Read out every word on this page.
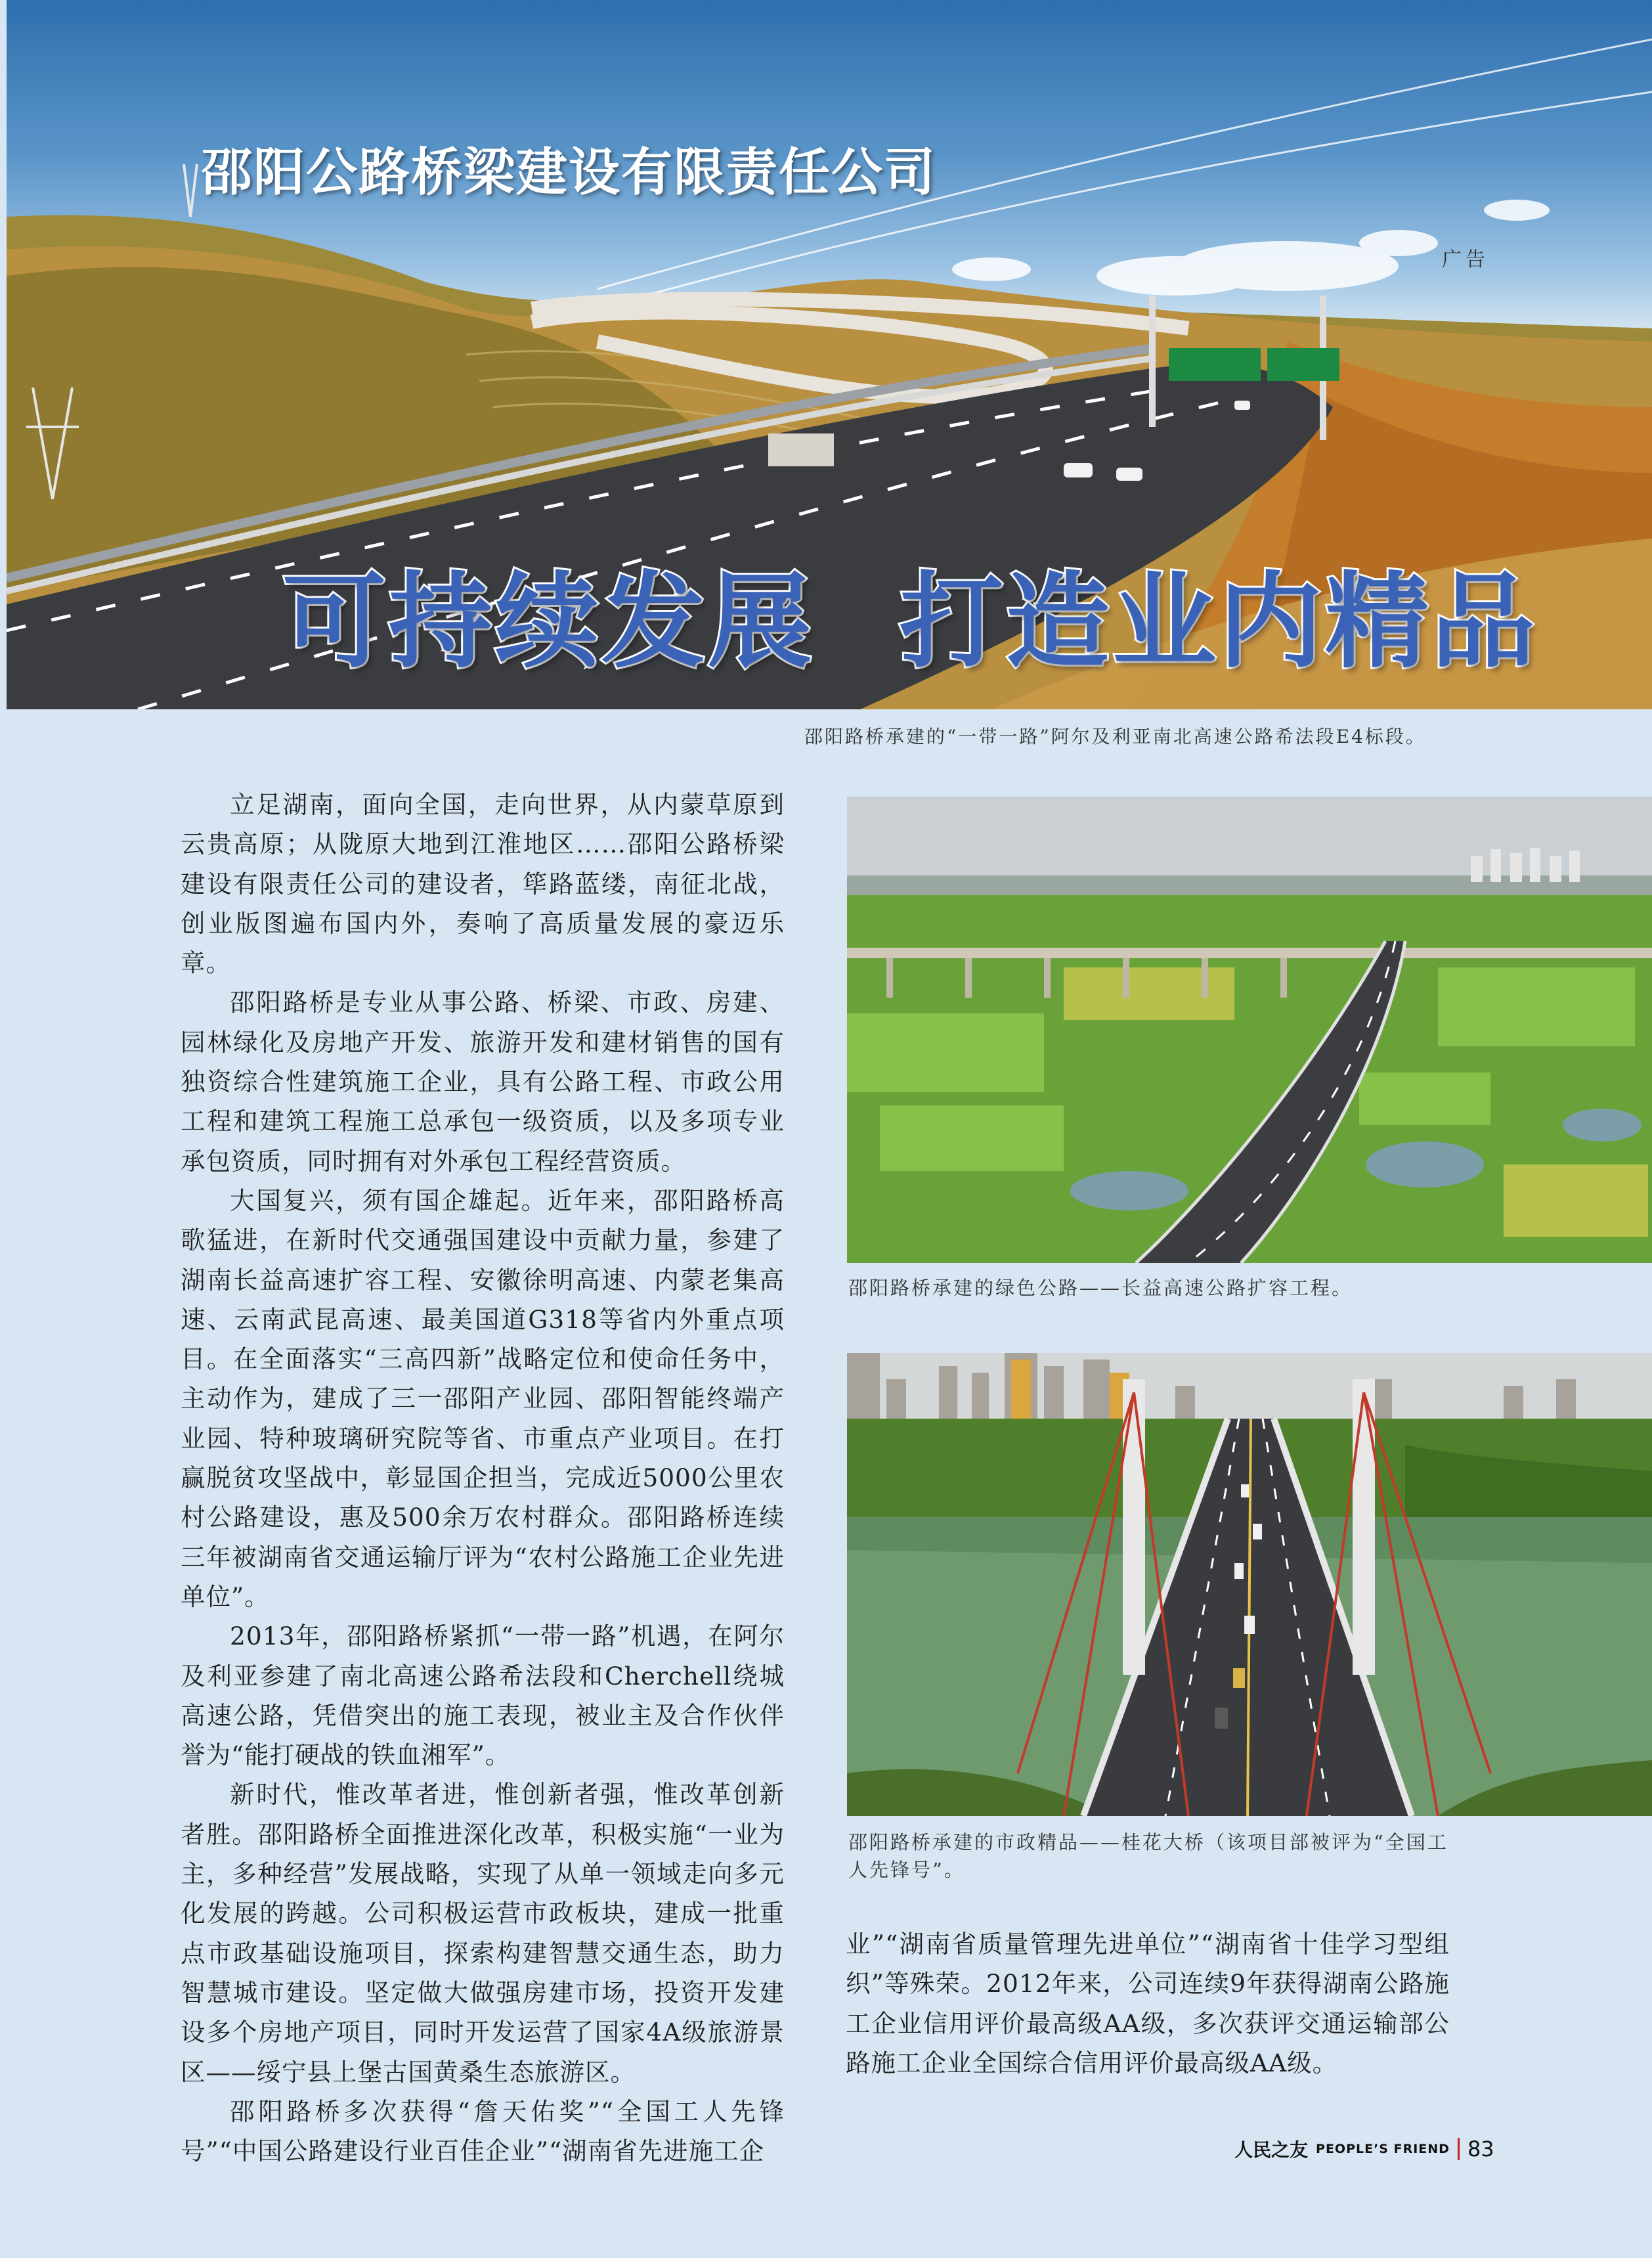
邵阳公路桥梁建设有限责任公司
广告
可持续发展 打造业内精品
邵阳路桥承建的“一带一路”阿尔及利亚南北高速公路希法段E4标段。

立足湖南，面向全国，走向世界，从内蒙草原到云贵高原；从陇原大地到江淮地区……邵阳公路桥梁建设有限责任公司的建设者，筚路蓝缕，南征北战，创业版图遍布国内外，奏响了高质量发展的豪迈乐章。

邵阳路桥是专业从事公路、桥梁、市政、房建、园林绿化及房地产开发、旅游开发和建材销售的国有独资综合性建筑施工企业，具有公路工程、市政公用工程和建筑工程施工总承包一级资质，以及多项专业承包资质，同时拥有对外承包工程经营资质。

大国复兴，须有国企雄起。近年来，邵阳路桥高歌猛进，在新时代交通强国建设中贡献力量，参建了湖南长益高速扩容工程、安徽徐明高速、内蒙老集高速、云南武昆高速、最美国道G318等省内外重点项目。在全面落实“三高四新”战略定位和使命任务中，主动作为，建成了三一邵阳产业园、邵阳智能终端产业园、特种玻璃研究院等省、市重点产业项目。在打赢脱贫攻坚战中，彰显国企担当，完成近5000公里农村公路建设，惠及500余万农村群众。邵阳路桥连续三年被湖南省交通运输厅评为“农村公路施工企业先进单位”。

2013年，邵阳路桥紧抓“一带一路”机遇，在阿尔及利亚参建了南北高速公路希法段和Cherchell绕城高速公路，凭借突出的施工表现，被业主及合作伙伴誉为“能打硬战的铁血湘军”。

新时代，惟改革者进，惟创新者强，惟改革创新者胜。邵阳路桥全面推进深化改革，积极实施“一业为主，多种经营”发展战略，实现了从单一领域走向多元化发展的跨越。公司积极运营市政板块，建成一批重点市政基础设施项目，探索构建智慧交通生态，助力智慧城市建设。坚定做大做强房建市场，投资开发建设多个房地产项目，同时开发运营了国家4A级旅游景区——绥宁县上堡古国黄桑生态旅游区。

邵阳路桥多次获得“詹天佑奖”“全国工人先锋号”“中国公路建设行业百佳企业”“湖南省先进施工企

邵阳路桥承建的绿色公路——长益高速公路扩容工程。
邵阳路桥承建的市政精品——桂花大桥（该项目部被评为“全国工人先锋号”。

业”“湖南省质量管理先进单位”“湖南省十佳学习型组织”等殊荣。2012年来，公司连续9年获得湖南公路施工企业信用评价最高级AA级，多次获评交通运输部公路施工企业全国综合信用评价最高级AA级。

人民之友 PEOPLE’S FRIEND 83
